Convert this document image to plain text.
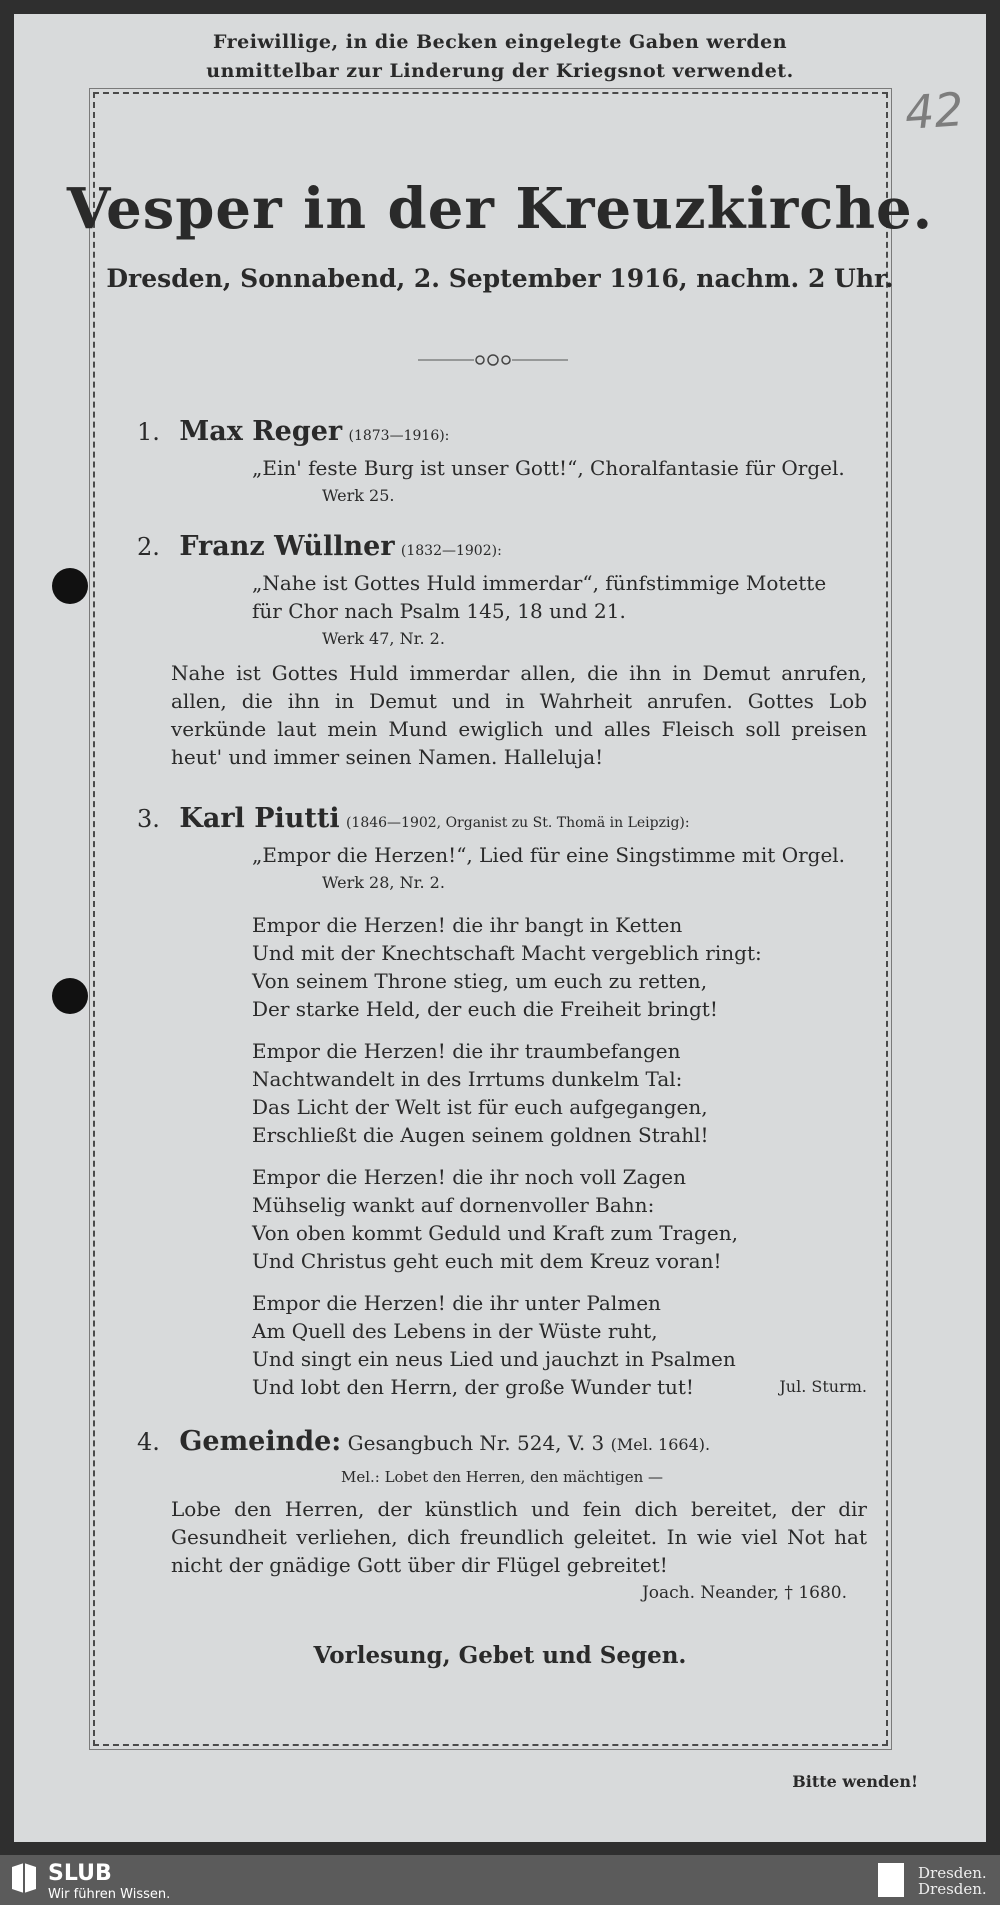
Freiwillige, in die Becken eingelegte Gaben werden
unmittelbar zur Linderung der Kriegsnot verwendet.
42
Vesper in der Kreuzkirche.
Dresden, Sonnabend, 2. September 1916, nachm. 2 Uhr.
1. Max Reger (1873—1916):
„Ein' feste Burg ist unser Gott!“, Choralfantasie für Orgel.
Werk 25.
2. Franz Wüllner (1832—1902):
„Nahe ist Gottes Huld immerdar“, fünfstimmige Motette
für Chor nach Psalm 145, 18 und 21.
Werk 47, Nr. 2.
Nahe ist Gottes Huld immerdar allen, die ihn in Demut anrufen, allen, die ihn in Demut und in Wahrheit anrufen. Gottes Lob verkünde laut mein Mund ewiglich und alles Fleisch soll preisen heut' und immer seinen Namen. Halleluja!
3. Karl Piutti (1846—1902, Organist zu St. Thomä in Leipzig):
„Empor die Herzen!“, Lied für eine Singstimme mit Orgel.
Werk 28, Nr. 2.
Empor die Herzen! die ihr bangt in Ketten
Und mit der Knechtschaft Macht vergeblich ringt:
Von seinem Throne stieg, um euch zu retten,
Der starke Held, der euch die Freiheit bringt!
Empor die Herzen! die ihr traumbefangen
Nachtwandelt in des Irrtums dunkelm Tal:
Das Licht der Welt ist für euch aufgegangen,
Erschließt die Augen seinem goldnen Strahl!
Empor die Herzen! die ihr noch voll Zagen
Mühselig wankt auf dornenvoller Bahn:
Von oben kommt Geduld und Kraft zum Tragen,
Und Christus geht euch mit dem Kreuz voran!
Empor die Herzen! die ihr unter Palmen
Am Quell des Lebens in der Wüste ruht,
Und singt ein neus Lied und jauchzt in Psalmen
Und lobt den Herrn, der große Wunder tut!	Jul. Sturm.
4. Gemeinde: Gesangbuch Nr. 524, V. 3 (Mel. 1664).
Mel.: Lobet den Herren, den mächtigen —
Lobe den Herren, der künstlich und fein dich bereitet, der dir Gesundheit verliehen, dich freundlich geleitet. In wie viel Not hat nicht der gnädige Gott über dir Flügel gebreitet!
Joach. Neander, † 1680.
Vorlesung, Gebet und Segen.
Bitte wenden!
SLUB
Wir führen Wissen.
Dresden.
Dresden.
